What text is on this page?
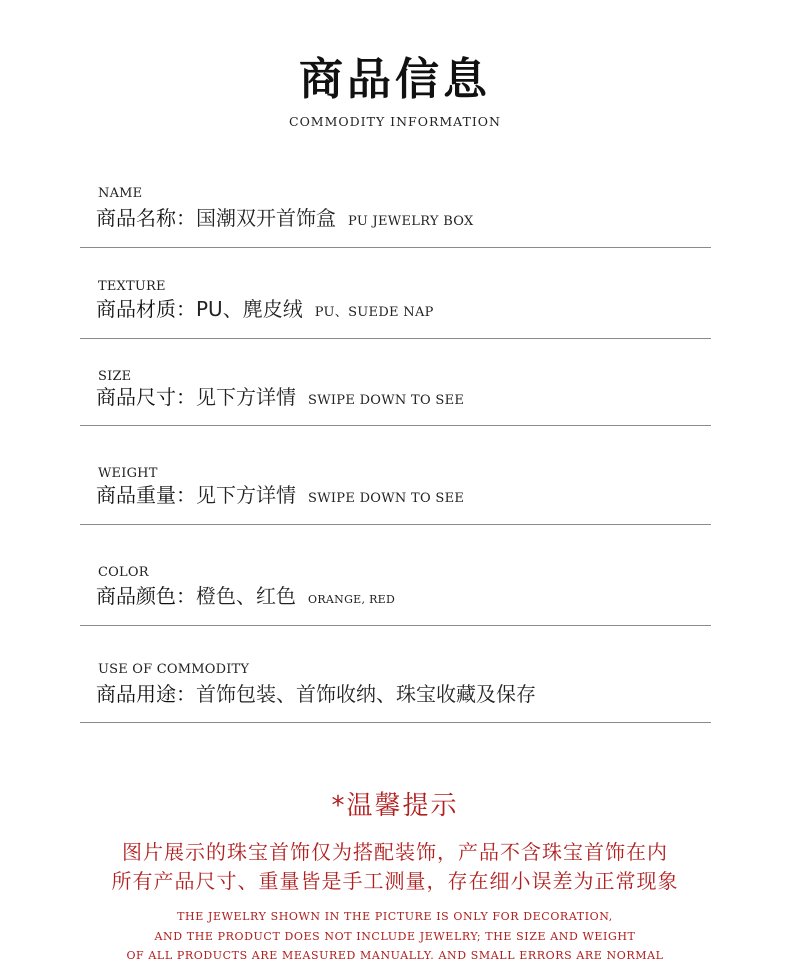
商品信息
COMMODITY INFORMATION
NAME
商品名称：国潮双开首饰盒 PU JEWELRY BOX
TEXTURE
商品材质：PU、麂皮绒 PU、SUEDE NAP
SIZE
商品尺寸：见下方详情 SWIPE DOWN TO SEE
WEIGHT
商品重量：见下方详情 SWIPE DOWN TO SEE
COLOR
商品颜色：橙色、红色 ORANGE, RED
USE OF COMMODITY
商品用途：首饰包装、首饰收纳、珠宝收藏及保存
*温馨提示
图片展示的珠宝首饰仅为搭配装饰，产品不含珠宝首饰在内
所有产品尺寸、重量皆是手工测量，存在细小误差为正常现象
THE JEWELRY SHOWN IN THE PICTURE IS ONLY FOR DECORATION,
AND THE PRODUCT DOES NOT INCLUDE JEWELRY; THE SIZE AND WEIGHT
OF ALL PRODUCTS ARE MEASURED MANUALLY. AND SMALL ERRORS ARE NORMAL
